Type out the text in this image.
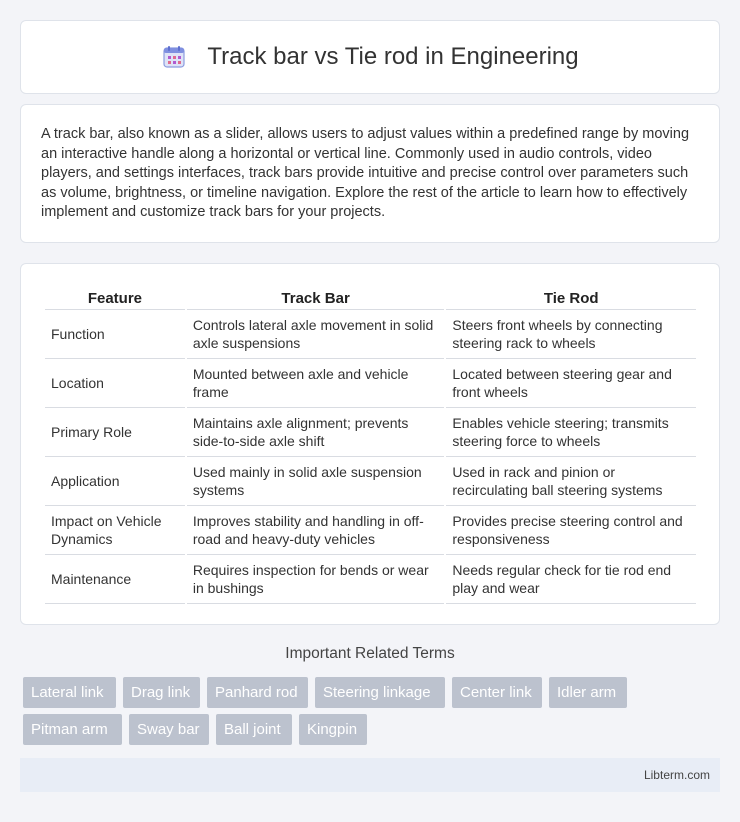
Track bar vs Tie rod in Engineering

A track bar, also known as a slider, allows users to adjust values within a predefined range by moving an interactive handle along a horizontal or vertical line. Commonly used in audio controls, video players, and settings interfaces, track bars provide intuitive and precise control over parameters such as volume, brightness, or timeline navigation. Explore the rest of the article to learn how to effectively implement and customize track bars for your projects.

Feature	Track Bar	Tie Rod
Function	Controls lateral axle movement in solid axle suspensions	Steers front wheels by connecting steering rack to wheels
Location	Mounted between axle and vehicle frame	Located between steering gear and front wheels
Primary Role	Maintains axle alignment; prevents side-to-side axle shift	Enables vehicle steering; transmits steering force to wheels
Application	Used mainly in solid axle suspension systems	Used in rack and pinion or recirculating ball steering systems
Impact on Vehicle Dynamics	Improves stability and handling in off-road and heavy-duty vehicles	Provides precise steering control and responsiveness
Maintenance	Requires inspection for bends or wear in bushings	Needs regular check for tie rod end play and wear
Important Related Terms
Lateral link	Drag link	Panhard rod	Steering linkage	Center link	Idler arm
Pitman arm	Sway bar	Ball joint	Kingpin
Libterm.com
